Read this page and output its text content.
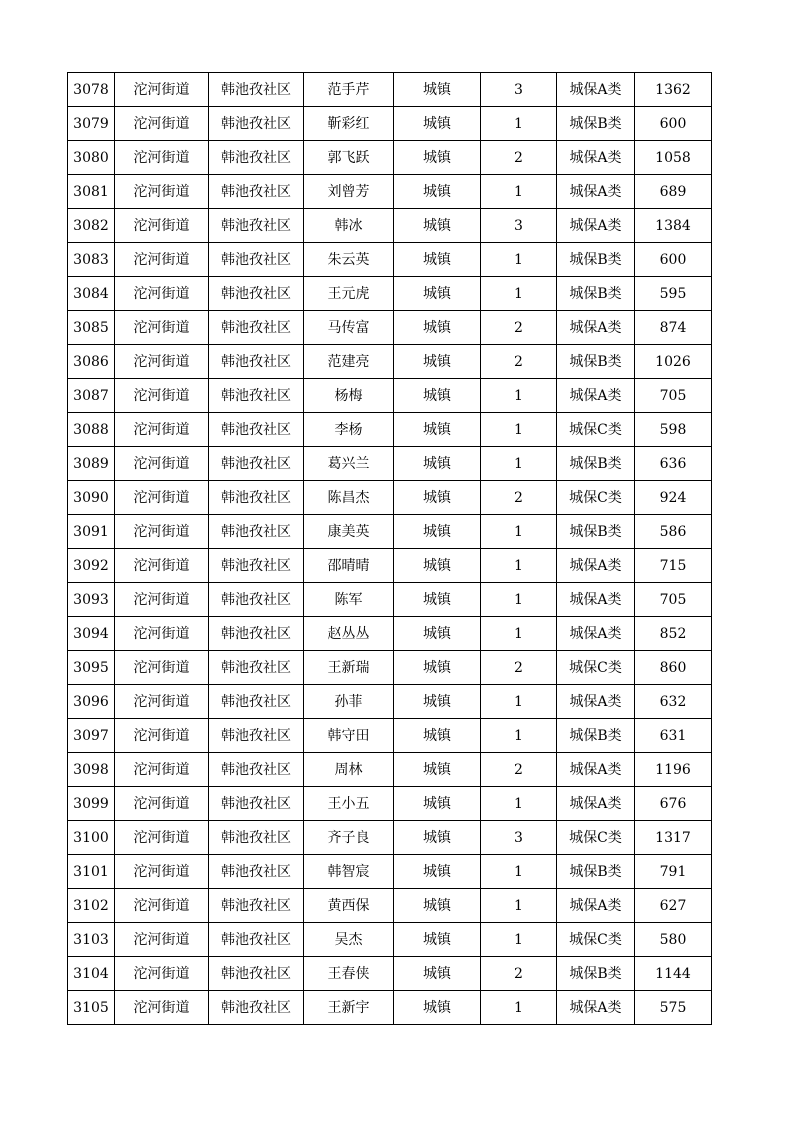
3078	沱河街道	韩池孜社区	范手芹	城镇	3	城保A类	1362
3079	沱河街道	韩池孜社区	靳彩红	城镇	1	城保B类	600
3080	沱河街道	韩池孜社区	郭飞跃	城镇	2	城保A类	1058
3081	沱河街道	韩池孜社区	刘曾芳	城镇	1	城保A类	689
3082	沱河街道	韩池孜社区	韩冰	城镇	3	城保A类	1384
3083	沱河街道	韩池孜社区	朱云英	城镇	1	城保B类	600
3084	沱河街道	韩池孜社区	王元虎	城镇	1	城保B类	595
3085	沱河街道	韩池孜社区	马传富	城镇	2	城保A类	874
3086	沱河街道	韩池孜社区	范建亮	城镇	2	城保B类	1026
3087	沱河街道	韩池孜社区	杨梅	城镇	1	城保A类	705
3088	沱河街道	韩池孜社区	李杨	城镇	1	城保C类	598
3089	沱河街道	韩池孜社区	葛兴兰	城镇	1	城保B类	636
3090	沱河街道	韩池孜社区	陈昌杰	城镇	2	城保C类	924
3091	沱河街道	韩池孜社区	康美英	城镇	1	城保B类	586
3092	沱河街道	韩池孜社区	邵晴晴	城镇	1	城保A类	715
3093	沱河街道	韩池孜社区	陈军	城镇	1	城保A类	705
3094	沱河街道	韩池孜社区	赵丛丛	城镇	1	城保A类	852
3095	沱河街道	韩池孜社区	王新瑞	城镇	2	城保C类	860
3096	沱河街道	韩池孜社区	孙菲	城镇	1	城保A类	632
3097	沱河街道	韩池孜社区	韩守田	城镇	1	城保B类	631
3098	沱河街道	韩池孜社区	周林	城镇	2	城保A类	1196
3099	沱河街道	韩池孜社区	王小五	城镇	1	城保A类	676
3100	沱河街道	韩池孜社区	齐子良	城镇	3	城保C类	1317
3101	沱河街道	韩池孜社区	韩智宸	城镇	1	城保B类	791
3102	沱河街道	韩池孜社区	黄西保	城镇	1	城保A类	627
3103	沱河街道	韩池孜社区	吴杰	城镇	1	城保C类	580
3104	沱河街道	韩池孜社区	王春侠	城镇	2	城保B类	1144
3105	沱河街道	韩池孜社区	王新宇	城镇	1	城保A类	575
